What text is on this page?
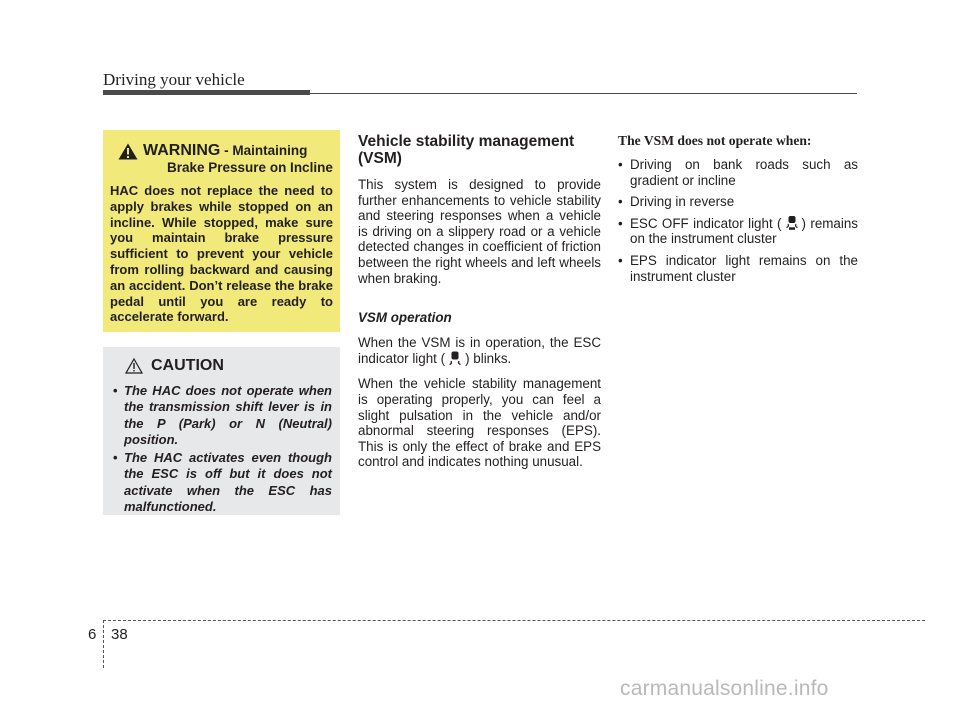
Driving your vehicle
WARNING - Maintaining
Brake Pressure on Incline
HAC does not replace the need to apply brakes while stopped on an incline. While stopped, make sure you maintain brake pressure sufficient to prevent your vehicle from rolling backward and causing an accident. Don’t release the brake pedal until you are ready to accelerate forward.
CAUTION
• The HAC does not operate when the transmission shift lever is in the P (Park) or N (Neutral) position.
• The HAC activates even though the ESC is off but it does not activate when the ESC has malfunctioned.
Vehicle stability management (VSM)

This system is designed to provide further enhancements to vehicle stability and steering responses when a vehicle is driving on a slippery road or a vehicle detected changes in coefficient of friction between the right wheels and left wheels when braking.

VSM operation

When the VSM is in operation, the ESC indicator light ( ) blinks.

When the vehicle stability management is operating properly, you can feel a slight pulsation in the vehicle and/or abnormal steering responses (EPS). This is only the effect of brake and EPS control and indicates nothing unusual.

The VSM does not operate when:

• Driving on bank roads such as gradient or incline
• Driving in reverse
• ESC OFF indicator light ( ) remains on the instrument cluster
• EPS indicator light remains on the instrument cluster
6 38
carmanualsonline.info
